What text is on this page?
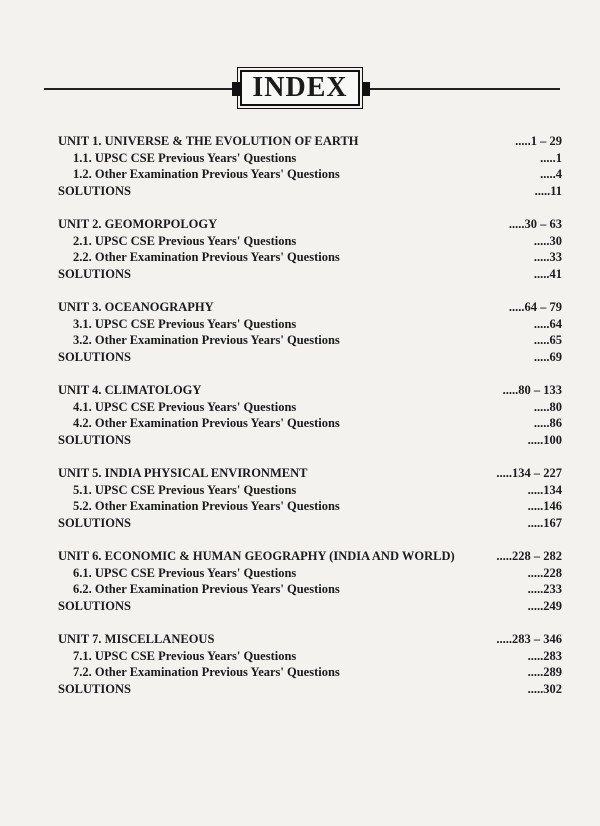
INDEX
UNIT 1. UNIVERSE & THE EVOLUTION OF EARTH	.....1 – 29
1.1. UPSC CSE Previous Years' Questions	.....1
1.2. Other Examination Previous Years' Questions	.....4
SOLUTIONS	.....11
UNIT 2. GEOMORPOLOGY	.....30 – 63
2.1. UPSC CSE Previous Years' Questions	.....30
2.2. Other Examination Previous Years' Questions	.....33
SOLUTIONS	.....41
UNIT 3. OCEANOGRAPHY	.....64 – 79
3.1. UPSC CSE Previous Years' Questions	.....64
3.2. Other Examination Previous Years' Questions	.....65
SOLUTIONS	.....69
UNIT 4. CLIMATOLOGY	.....80 – 133
4.1. UPSC CSE Previous Years' Questions	.....80
4.2. Other Examination Previous Years' Questions	.....86
SOLUTIONS	.....100
UNIT 5. INDIA PHYSICAL ENVIRONMENT	.....134 – 227
5.1. UPSC CSE Previous Years' Questions	.....134
5.2. Other Examination Previous Years' Questions	.....146
SOLUTIONS	.....167
UNIT 6. ECONOMIC & HUMAN GEOGRAPHY (INDIA AND WORLD)	.....228 – 282
6.1. UPSC CSE Previous Years' Questions	.....228
6.2. Other Examination Previous Years' Questions	.....233
SOLUTIONS	.....249
UNIT 7. MISCELLANEOUS	.....283 – 346
7.1. UPSC CSE Previous Years' Questions	.....283
7.2. Other Examination Previous Years' Questions	.....289
SOLUTIONS	.....302
